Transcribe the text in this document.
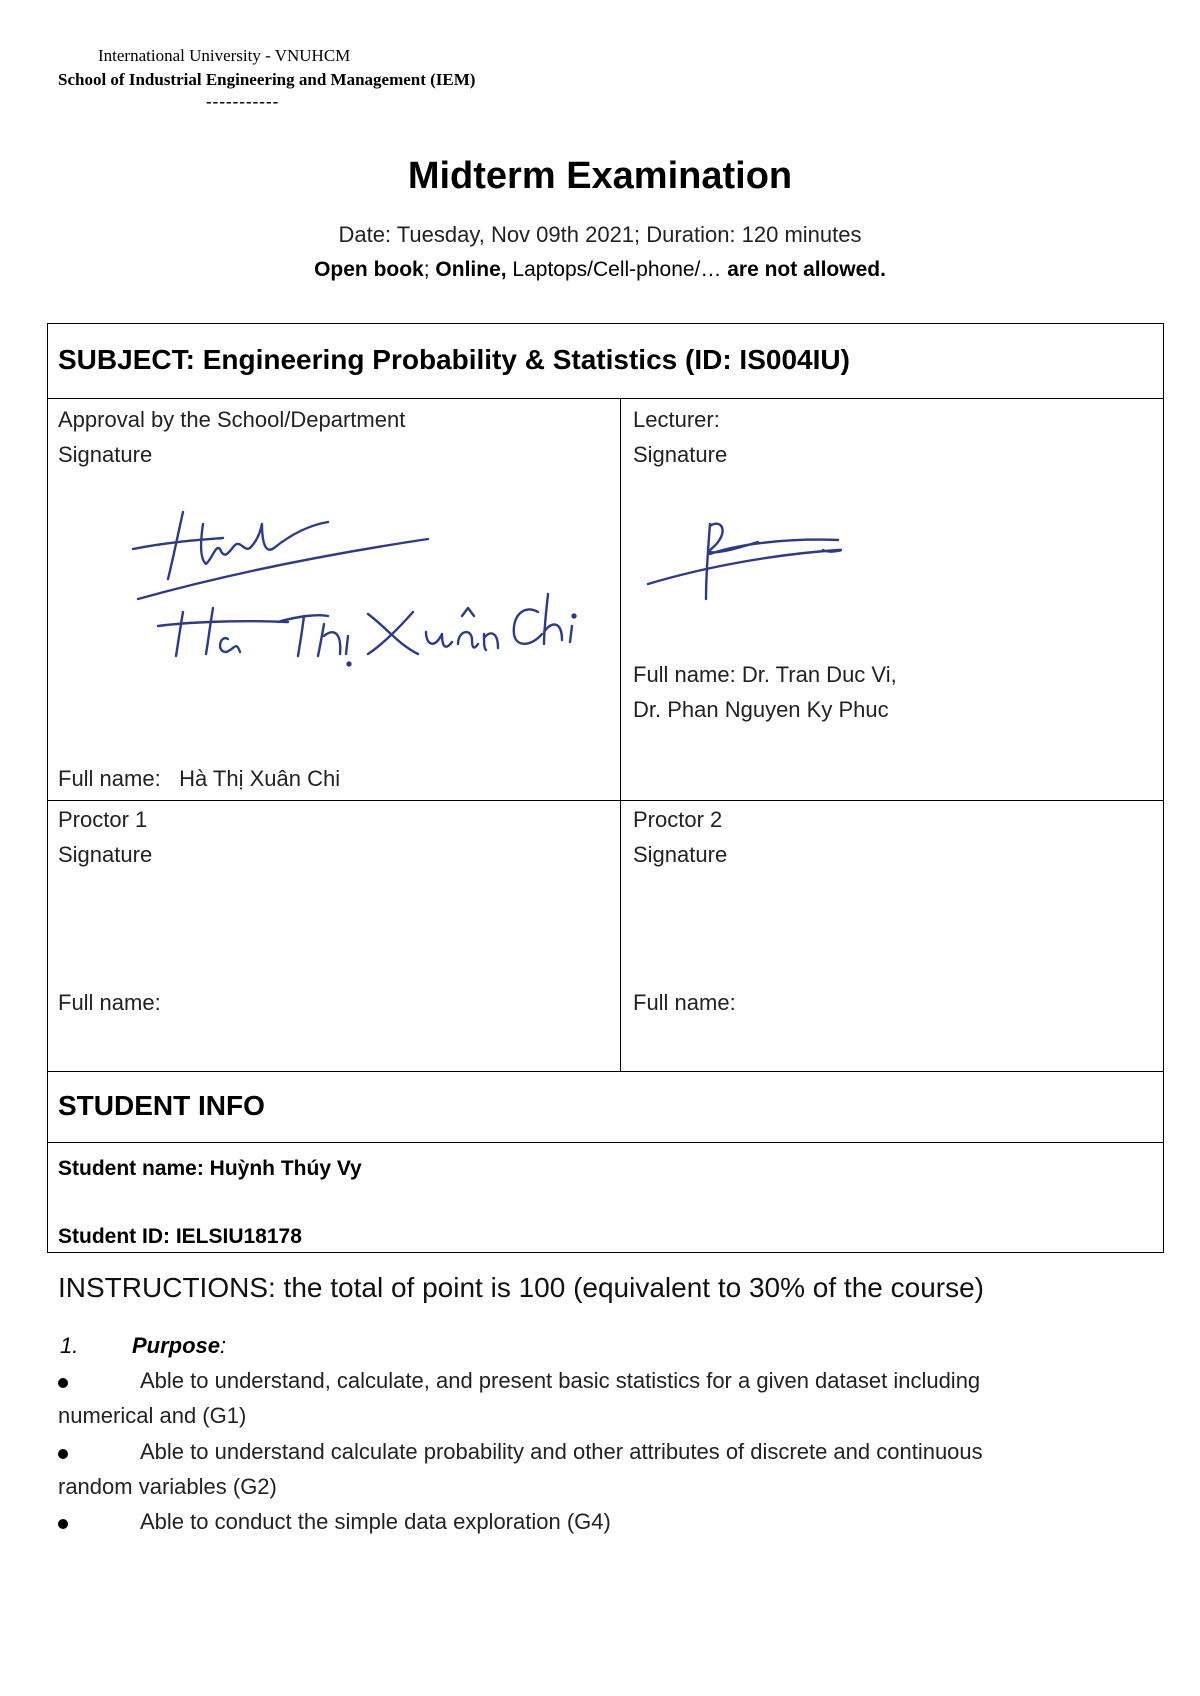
International University - VNUHCM
School of Industrial Engineering and Management (IEM)
-----------
Midterm Examination
Date: Tuesday, Nov 09th 2021; Duration: 120 minutes
Open book; Online, Laptops/Cell-phone/… are not allowed.
SUBJECT: Engineering Probability & Statistics (ID: IS004IU)
Approval by the School/Department
Signature
Full name: Hà Thị Xuân Chi
Lecturer:
Signature
Full name: Dr. Tran Duc Vi,
Dr. Phan Nguyen Ky Phuc
Proctor 1
Signature
Full name:
Proctor 2
Signature
Full name:
STUDENT INFO
Student name: Huỳnh Thúy Vy
Student ID: IELSIU18178
INSTRUCTIONS: the total of point is 100 (equivalent to 30% of the course)
1. Purpose:
Able to understand, calculate, and present basic statistics for a given dataset including
numerical and (G1)
Able to understand calculate probability and other attributes of discrete and continuous
random variables (G2)
Able to conduct the simple data exploration (G4)
